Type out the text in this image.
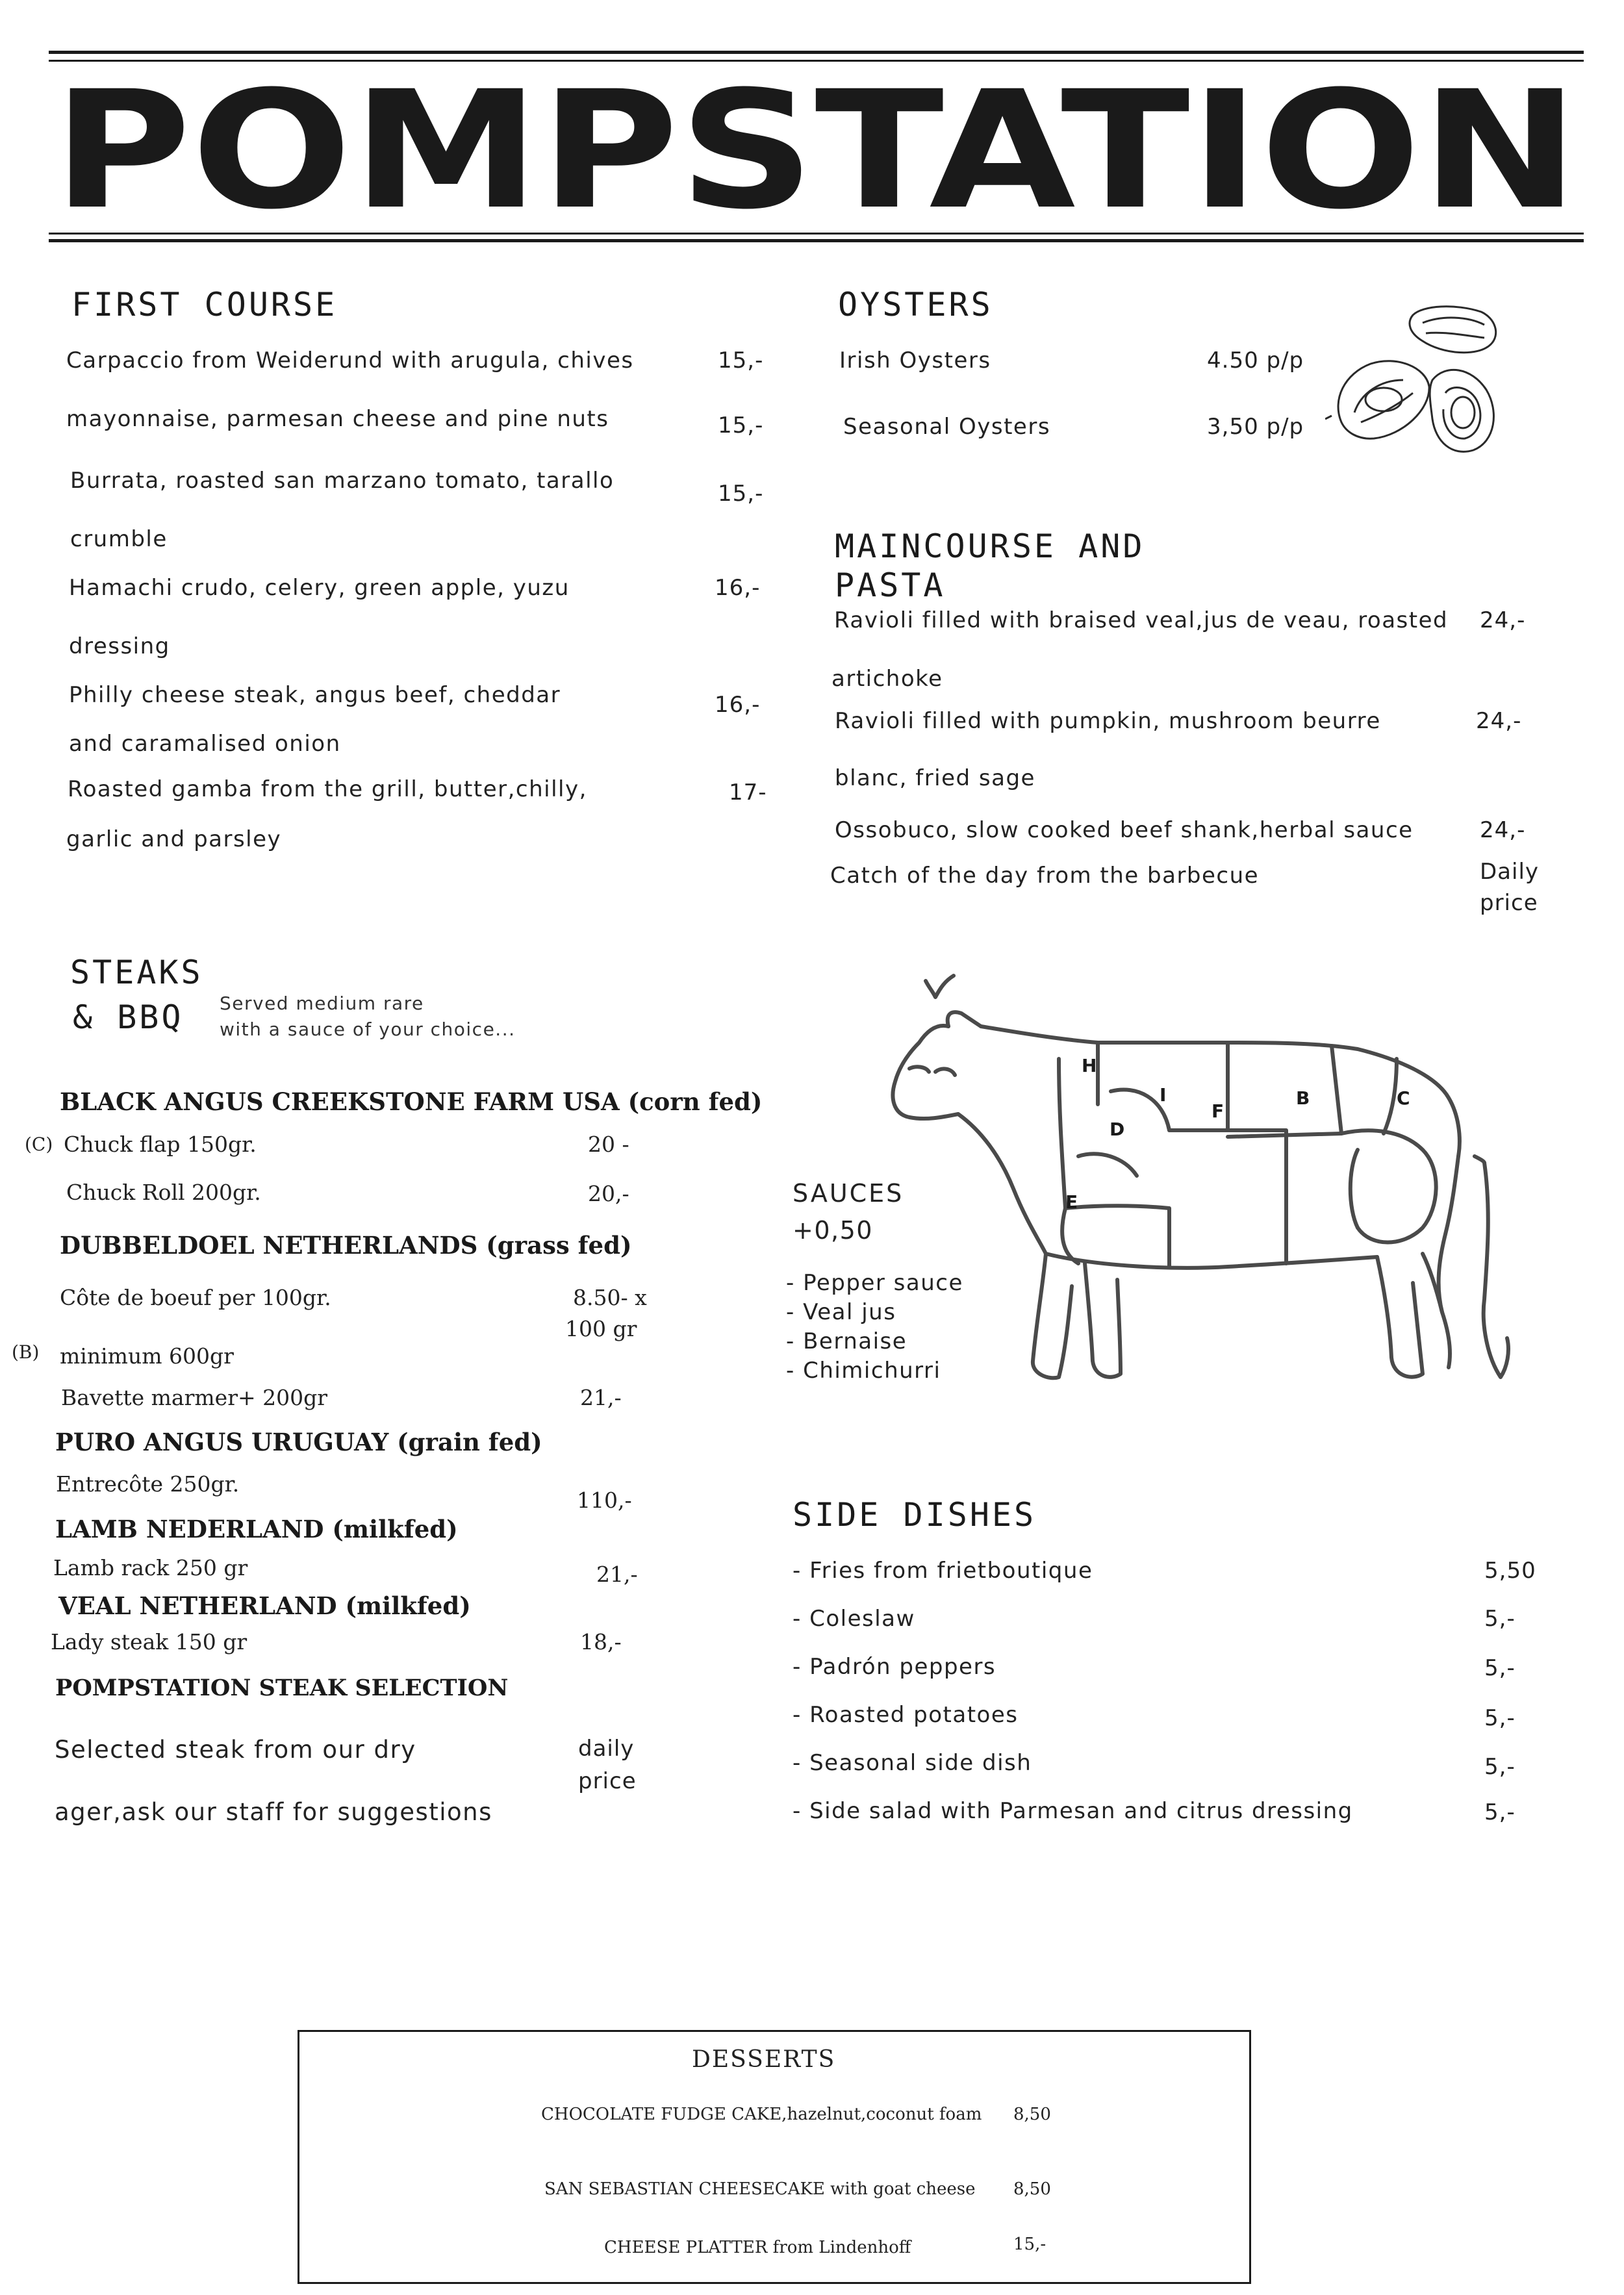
POMPSTATION
FIRST COURSE
Carpaccio from Weiderund with arugula, chives	15,-
mayonnaise, parmesan cheese and pine nuts	15,-
Burrata, roasted san marzano tomato, tarallo	15,-
crumble
Hamachi crudo, celery, green apple, yuzu	16,-
dressing
Philly cheese steak, angus beef, cheddar	16,-
and caramalised onion
Roasted gamba from the grill, butter,chilly,	17-
garlic and parsley
OYSTERS
Irish Oysters	4.50 p/p
Seasonal Oysters	3,50 p/p
MAINCOURSE AND
PASTA
Ravioli filled with braised veal,jus de veau, roasted 24,-
artichoke
Ravioli filled with pumpkin, mushroom beurre	24,-
blanc, fried sage
Ossobuco, slow cooked beef shank,herbal sauce	24,-
Catch of the day from the barbecue	Daily
price
STEAKS
& BBQ Served medium rare
with a sauce of your choice...
BLACK ANGUS CREEKSTONE FARM USA (corn fed)
(C) Chuck flap 150gr.	20 -
Chuck Roll 200gr.	20,-
DUBBELDOEL NETHERLANDS (grass fed)
Côte de boeuf per 100gr.	8.50- x
100 gr
(B) minimum 600gr
Bavette marmer+ 200gr	21,-
PURO ANGUS URUGUAY (grain fed)
Entrecôte 250gr.
110,-
LAMB NEDERLAND (milkfed)
Lamb rack 250 gr	21,-
VEAL NETHERLAND (milkfed)
Lady steak 150 gr	18,-
POMPSTATION STEAK SELECTION
Selected steak from our dry	daily
price
ager,ask our staff for suggestions
H
I	B	C
D
F
E
SAUCES
+0,50
- Pepper sauce
- Veal jus
- Bernaise
- Chimichurri
SIDE DISHES
- Fries from frietboutique	5,50
- Coleslaw	5,-
- Padrón peppers	5,-
- Roasted potatoes	5,-
- Seasonal side dish	5,-
- Side salad with Parmesan and citrus dressing	5,-
DESSERTS
CHOCOLATE FUDGE CAKE,hazelnut,coconut foam 8,50
SAN SEBASTIAN CHEESECAKE with goat cheese 8,50
CHEESE PLATTER from Lindenhoff	15,-
